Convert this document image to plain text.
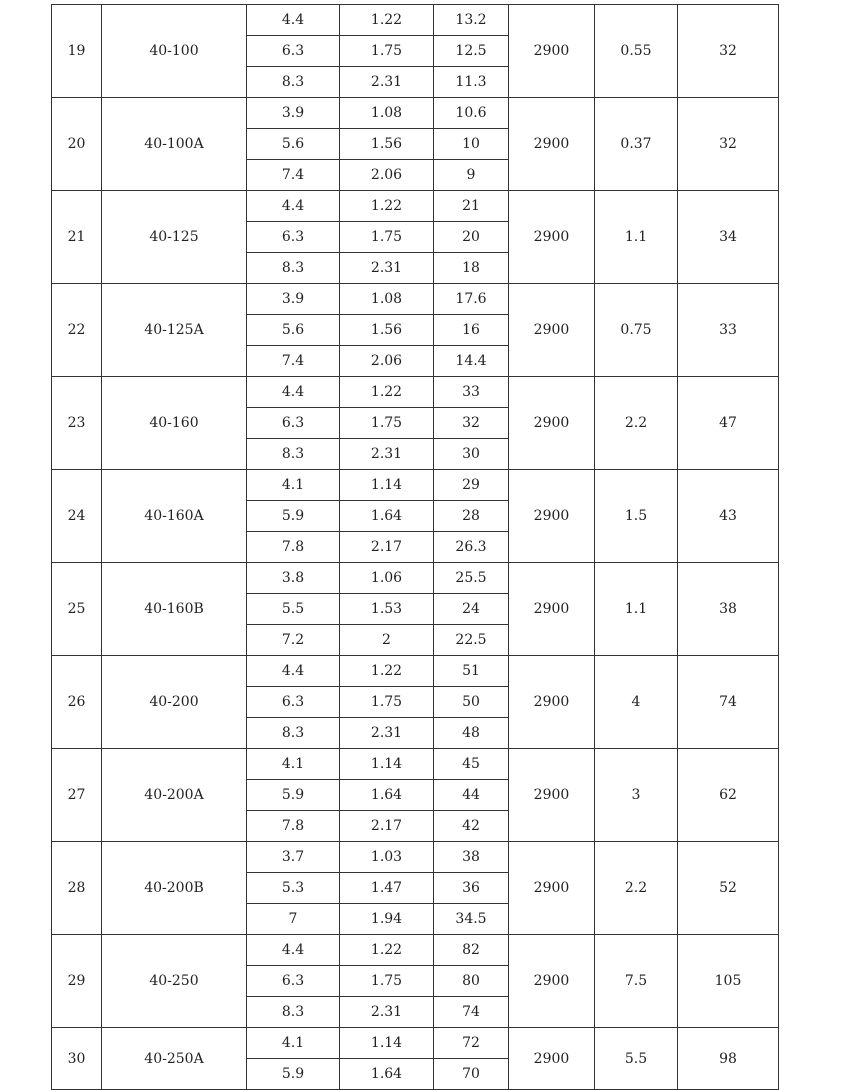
19	40-100	4.4	1.22	13.2	2900	0.55	32
		6.3	1.75	12.5			
		8.3	2.31	11.3			
20	40-100A	3.9	1.08	10.6	2900	0.37	32
		5.6	1.56	10			
		7.4	2.06	9			
21	40-125	4.4	1.22	21	2900	1.1	34
		6.3	1.75	20			
		8.3	2.31	18			
22	40-125A	3.9	1.08	17.6	2900	0.75	33
		5.6	1.56	16			
		7.4	2.06	14.4			
23	40-160	4.4	1.22	33	2900	2.2	47
		6.3	1.75	32			
		8.3	2.31	30			
24	40-160A	4.1	1.14	29	2900	1.5	43
		5.9	1.64	28			
		7.8	2.17	26.3			
25	40-160B	3.8	1.06	25.5	2900	1.1	38
		5.5	1.53	24			
		7.2	2	22.5			
26	40-200	4.4	1.22	51	2900	4	74
		6.3	1.75	50			
		8.3	2.31	48			
27	40-200A	4.1	1.14	45	2900	3	62
		5.9	1.64	44			
		7.8	2.17	42			
28	40-200B	3.7	1.03	38	2900	2.2	52
		5.3	1.47	36			
		7	1.94	34.5			
29	40-250	4.4	1.22	82	2900	7.5	105
		6.3	1.75	80			
		8.3	2.31	74			
30	40-250A	4.1	1.14	72	2900	5.5	98
		5.9	1.64	70			
